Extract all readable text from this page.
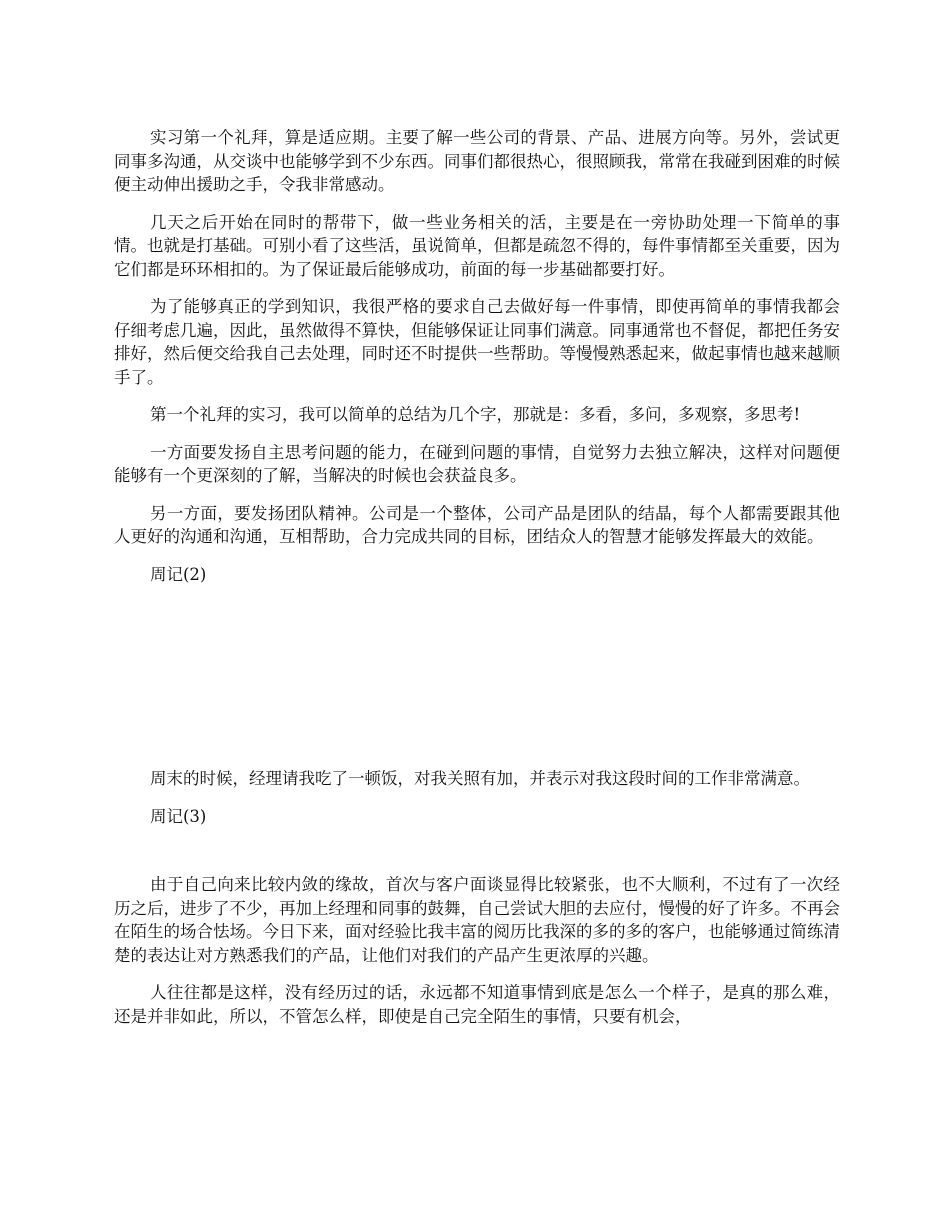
实习第一个礼拜，算是适应期。主要了解一些公司的背景、产品、进展方向等。另外，尝试更同事多沟通，从交谈中也能够学到不少东西。同事们都很热心，很照顾我，常常在我碰到困难的时候便主动伸出援助之手，令我非常感动。

几天之后开始在同时的帮带下，做一些业务相关的活，主要是在一旁协助处理一下简单的事情。也就是打基础。可别小看了这些活，虽说简单，但都是疏忽不得的，每件事情都至关重要，因为它们都是环环相扣的。为了保证最后能够成功，前面的每一步基础都要打好。

为了能够真正的学到知识，我很严格的要求自己去做好每一件事情，即使再简单的事情我都会仔细考虑几遍，因此，虽然做得不算快，但能够保证让同事们满意。同事通常也不督促，都把任务安排好，然后便交给我自己去处理，同时还不时提供一些帮助。等慢慢熟悉起来，做起事情也越来越顺手了。

第一个礼拜的实习，我可以简单的总结为几个字，那就是：多看，多问，多观察，多思考!

一方面要发扬自主思考问题的能力，在碰到问题的事情，自觉努力去独立解决，这样对问题便能够有一个更深刻的了解，当解决的时候也会获益良多。

另一方面，要发扬团队精神。公司是一个整体，公司产品是团队的结晶，每个人都需要跟其他人更好的沟通和沟通，互相帮助，合力完成共同的目标，团结众人的智慧才能够发挥最大的效能。

周记(2)

周末的时候，经理请我吃了一顿饭，对我关照有加，并表示对我这段时间的工作非常满意。

周记(3)

由于自己向来比较内敛的缘故，首次与客户面谈显得比较紧张，也不大顺利，不过有了一次经历之后，进步了不少，再加上经理和同事的鼓舞，自己尝试大胆的去应付，慢慢的好了许多。不再会在陌生的场合怯场。今日下来，面对经验比我丰富的阅历比我深的多的多的客户，也能够通过简练清楚的表达让对方熟悉我们的产品，让他们对我们的产品产生更浓厚的兴趣。

人往往都是这样，没有经历过的话，永远都不知道事情到底是怎么一个样子，是真的那么难，还是并非如此，所以，不管怎么样，即使是自己完全陌生的事情，只要有机会，
